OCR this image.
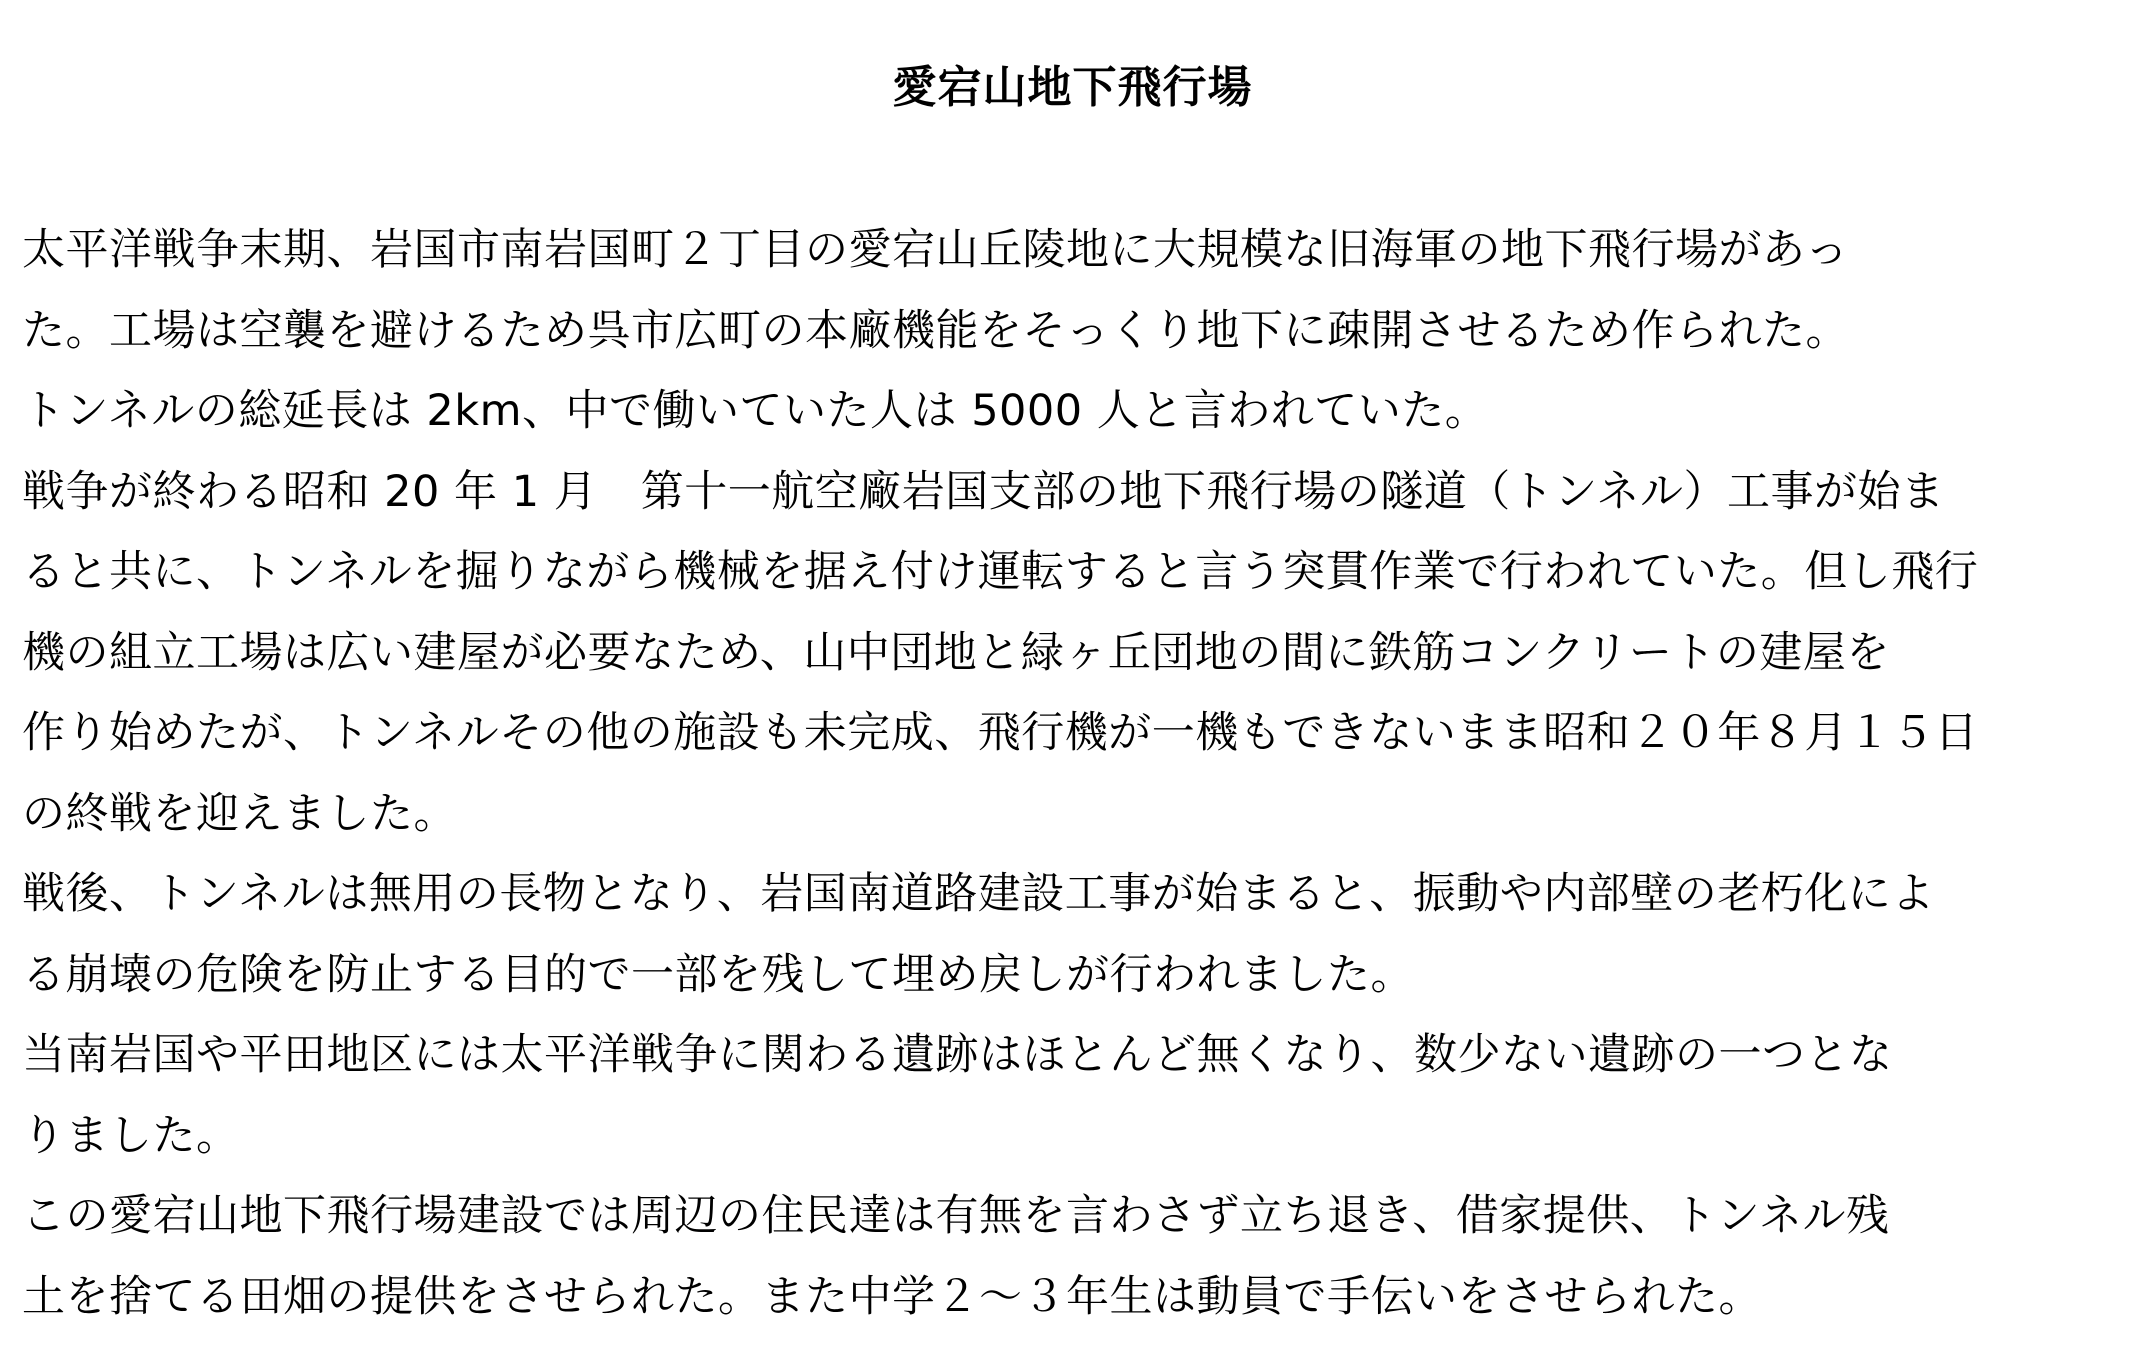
愛宕山地下飛行場

太平洋戦争末期、岩国市南岩国町２丁目の愛宕山丘陵地に大規模な旧海軍の地下飛行場があっ
た。工場は空襲を避けるため呉市広町の本廠機能をそっくり地下に疎開させるため作られた。

トンネルの総延長は 2km、中で働いていた人は 5000 人と言われていた。

戦争が終わる昭和 20 年 1 月　第十一航空廠岩国支部の地下飛行場の隧道（トンネル）工事が始ま
ると共に、トンネルを掘りながら機械を据え付け運転すると言う突貫作業で行われていた。但し飛行
機の組立工場は広い建屋が必要なため、山中団地と緑ヶ丘団地の間に鉄筋コンクリートの建屋を
作り始めたが、トンネルその他の施設も未完成、飛行機が一機もできないまま昭和２０年８月１５日
の終戦を迎えました。

戦後、トンネルは無用の長物となり、岩国南道路建設工事が始まると、振動や内部壁の老朽化によ
る崩壊の危険を防止する目的で一部を残して埋め戻しが行われました。

当南岩国や平田地区には太平洋戦争に関わる遺跡はほとんど無くなり、数少ない遺跡の一つとな
りました。

この愛宕山地下飛行場建設では周辺の住民達は有無を言わさず立ち退き、借家提供、トンネル残
土を捨てる田畑の提供をさせられた。また中学２～３年生は動員で手伝いをさせられた。
